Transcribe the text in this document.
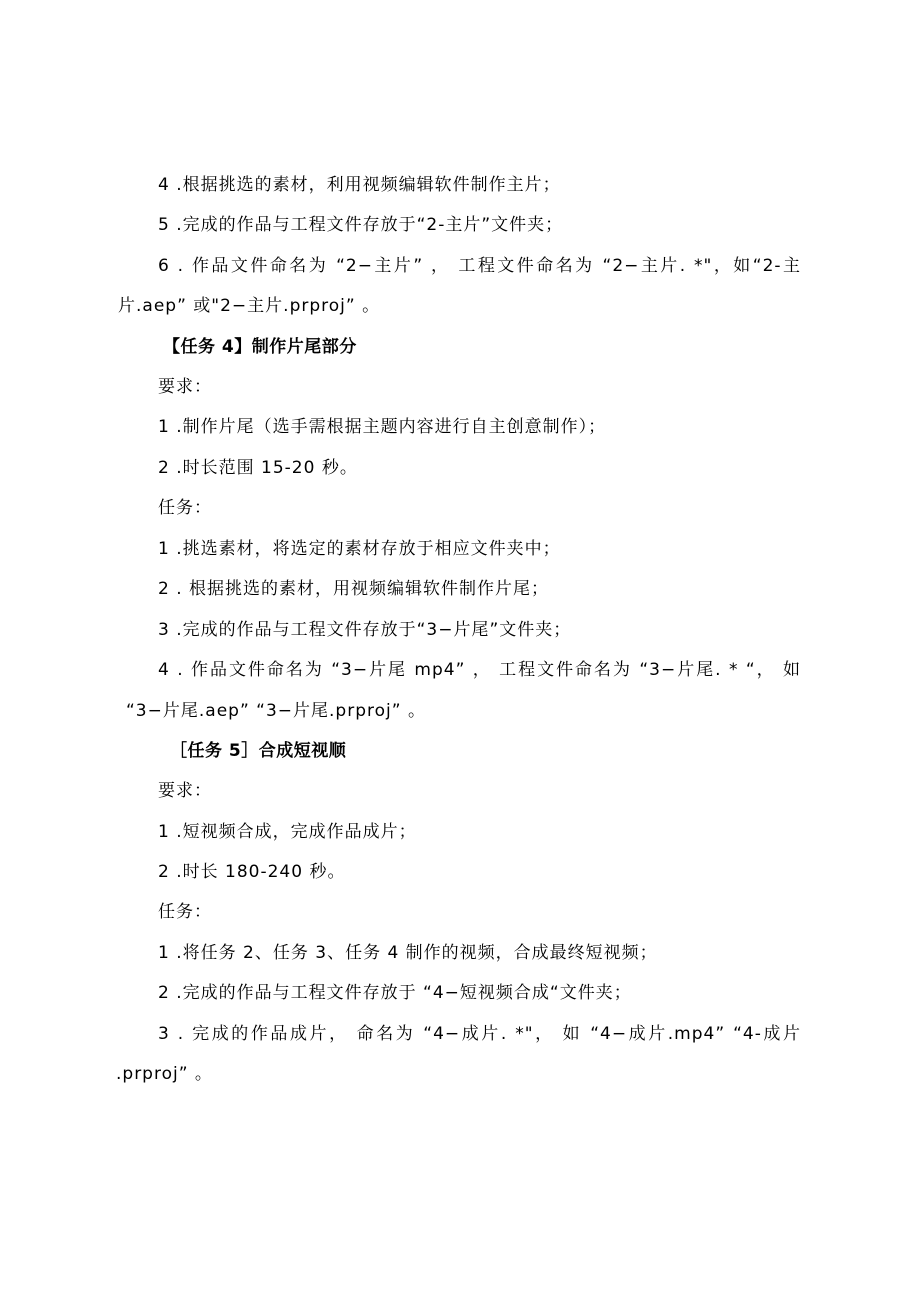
4 .根据挑选的素材，利用视频编辑软件制作主片；
5 .完成的作品与工程文件存放于“2-主片”文件夹；
6 . 作品文件命名为 “2−主片” ， 工程文件命名为 “2−主片. *"，如“2-主
片.aep” 或"2−主片.prproj” 。
【任务 4】制作片尾部分
要求：
1 .制作片尾（选手需根据主题内容进行自主创意制作）；
2 .时长范围 15-20 秒。
任务：
1 .挑选素材，将选定的素材存放于相应文件夹中；
2 . 根据挑选的素材，用视频编辑软件制作片尾；
3 .完成的作品与工程文件存放于“3−片尾”文件夹；
4 . 作品文件命名为 “3−片尾 mp4” ， 工程文件命名为 “3−片尾. * “， 如
“3−片尾.aep” “3−片尾.prproj” 。
［任务 5］合成短视顺
要求：
1 .短视频合成，完成作品成片；
2 .时长 180-240 秒。
任务：
1 .将任务 2、任务 3、任务 4 制作的视频，合成最终短视频；
2 .完成的作品与工程文件存放于 “4−短视频合成“文件夹；
3 . 完成的作品成片， 命名为 “4−成片. *"， 如 “4−成片.mp4” “4-成片
.prproj” 。
